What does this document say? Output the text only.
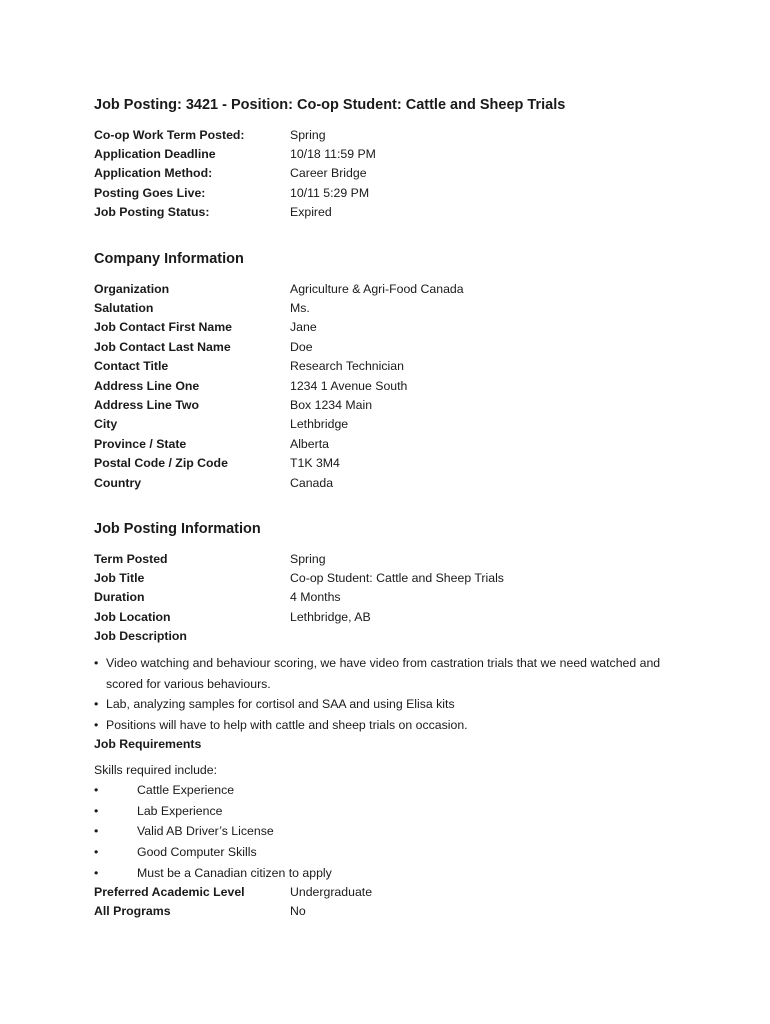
Job Posting: 3421 - Position: Co-op Student: Cattle and Sheep Trials
Co-op Work Term Posted:	Spring
Application Deadline	10/18 11:59 PM
Application Method:	Career Bridge
Posting Goes Live:	10/11 5:29 PM
Job Posting Status:	Expired
Company Information
Organization	Agriculture & Agri-Food Canada
Salutation	Ms.
Job Contact First Name	Jane
Job Contact Last Name	Doe
Contact Title	Research Technician
Address Line One	1234 1 Avenue South
Address Line Two	Box 1234 Main
City	Lethbridge
Province / State	Alberta
Postal Code / Zip Code	T1K 3M4
Country	Canada
Job Posting Information
Term Posted	Spring
Job Title	Co-op Student: Cattle and Sheep Trials
Duration	4 Months
Job Location	Lethbridge, AB
Job Description
• Video watching and behaviour scoring, we have video from castration trials that we need watched and scored for various behaviours.
• Lab, analyzing samples for cortisol and SAA and using Elisa kits
• Positions will have to help with cattle and sheep trials on occasion.
Job Requirements
Skills required include:
•	Cattle Experience
•	Lab Experience
•	Valid AB Driver’s License
•	Good Computer Skills
•	Must be a Canadian citizen to apply
Preferred Academic Level	Undergraduate
All Programs	No
